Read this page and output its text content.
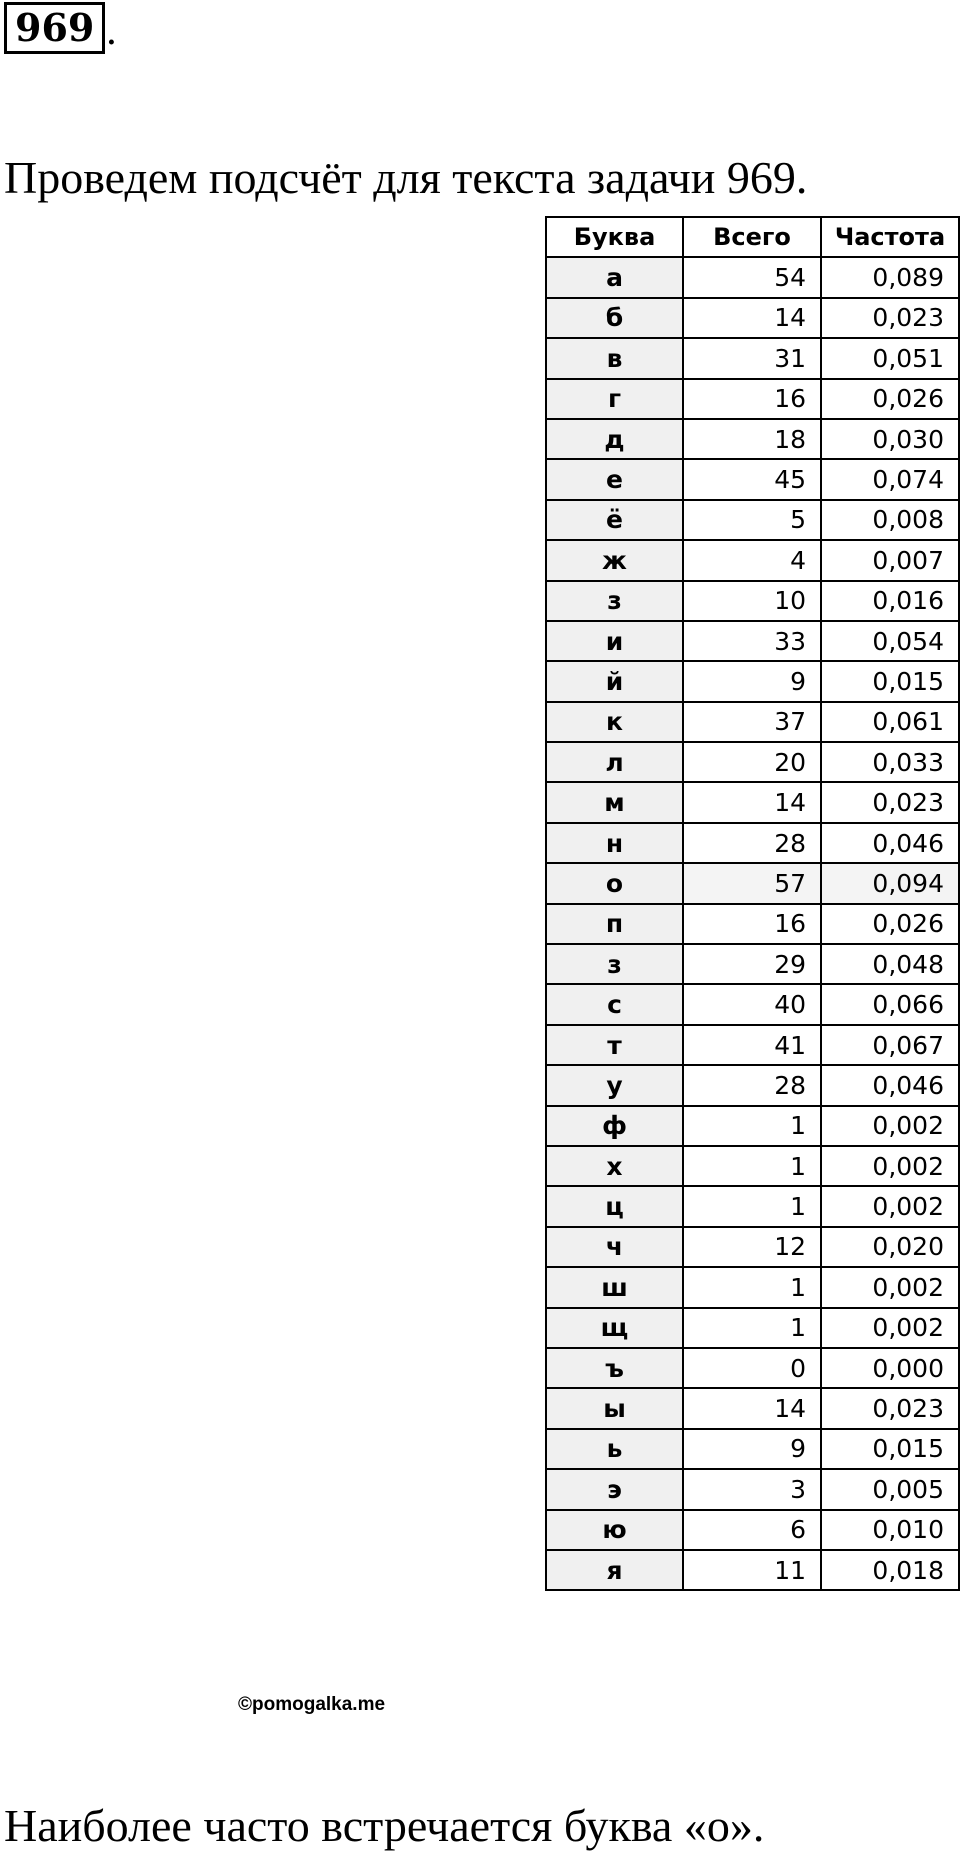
969 .
Проведем подсчёт для текста задачи 969.
Буква	Всего	Частота
а	54	0,089
б	14	0,023
в	31	0,051
г	16	0,026
д	18	0,030
е	45	0,074
ё	5	0,008
ж	4	0,007
з	10	0,016
и	33	0,054
й	9	0,015
к	37	0,061
л	20	0,033
м	14	0,023
н	28	0,046
о	57	0,094
п	16	0,026
з	29	0,048
с	40	0,066
т	41	0,067
у	28	0,046
ф	1	0,002
х	1	0,002
ц	1	0,002
ч	12	0,020
ш	1	0,002
щ	1	0,002
ъ	0	0,000
ы	14	0,023
ь	9	0,015
э	3	0,005
ю	6	0,010
я	11	0,018
©pomogalka.me
Наиболее часто встречается буква «о».
